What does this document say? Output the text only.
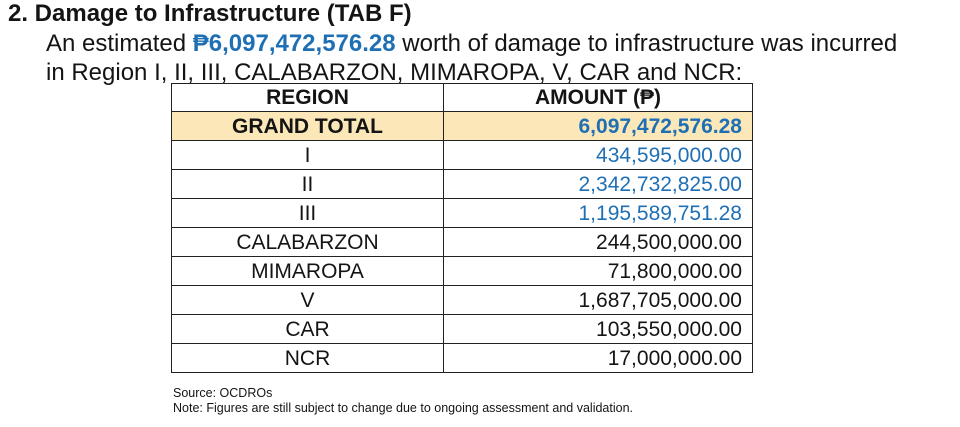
2. Damage to Infrastructure (TAB F)
An estimated ₱6,097,472,576.28 worth of damage to infrastructure was incurred
in Region I, II, III, CALABARZON, MIMAROPA, V, CAR and NCR:
REGION	AMOUNT (₱)
GRAND TOTAL	6,097,472,576.28
I	434,595,000.00
II	2,342,732,825.00
III	1,195,589,751.28
CALABARZON	244,500,000.00
MIMAROPA	71,800,000.00
V	1,687,705,000.00
CAR	103,550,000.00
NCR	17,000,000.00
Source: OCDROs
Note: Figures are still subject to change due to ongoing assessment and validation.
